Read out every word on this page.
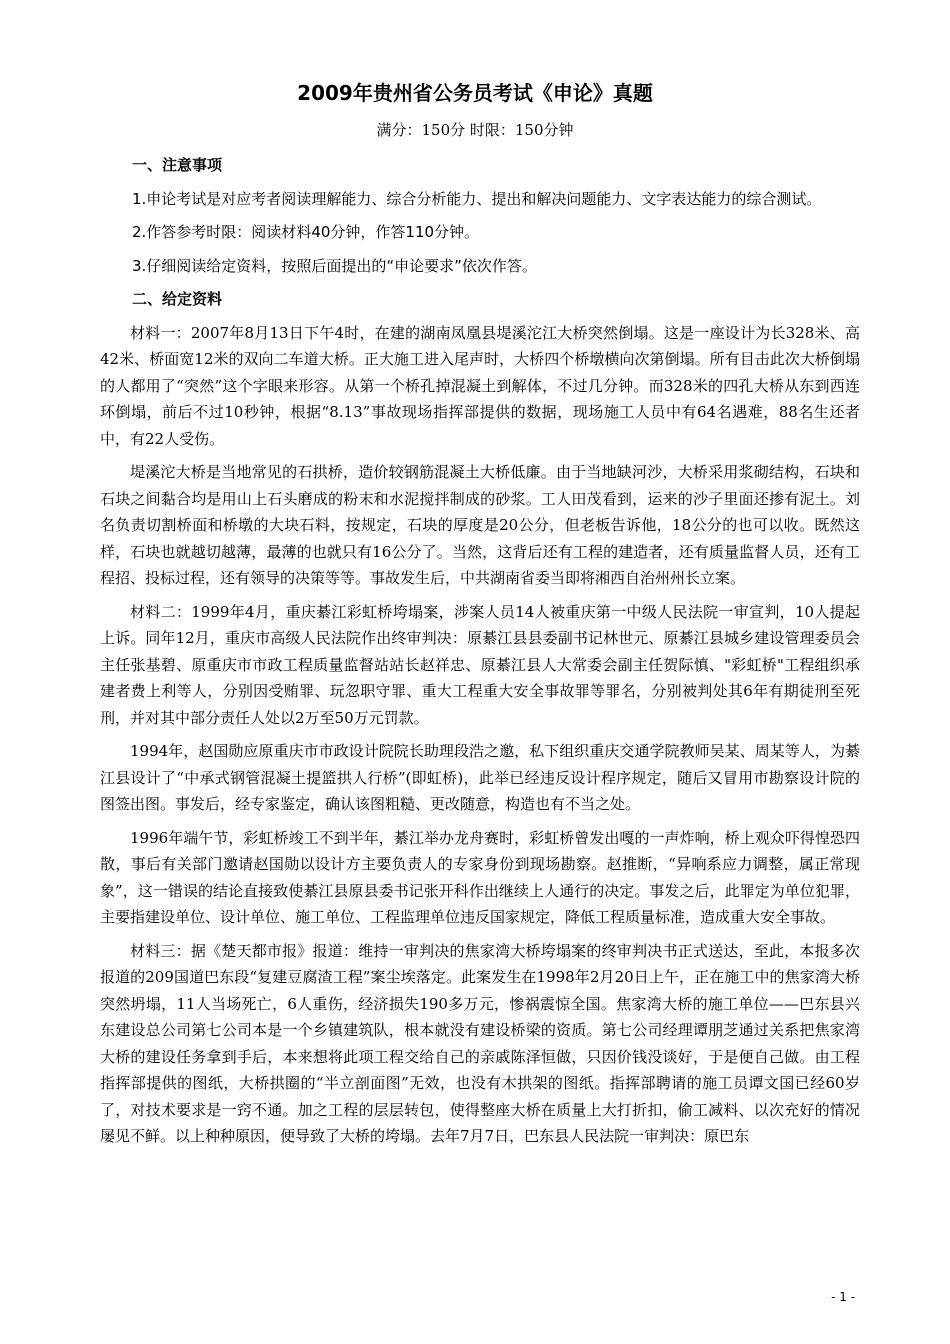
2009年贵州省公务员考试《申论》真题
满分：150分 时限：150分钟
一、注意事项
1.申论考试是对应考者阅读理解能力、综合分析能力、提出和解决问题能力、文字表达能力的综合测试。
2.作答参考时限：阅读材料40分钟，作答110分钟。
3.仔细阅读给定资料，按照后面提出的“申论要求”依次作答。
二、给定资料
材料一：2007年8月13日下午4时，在建的湖南凤凰县堤溪沱江大桥突然倒塌。这是一座设计为长328米、高42米、桥面宽12米的双向二车道大桥。正大施工进入尾声时，大桥四个桥墩横向次第倒塌。所有目击此次大桥倒塌的人都用了“突然”这个字眼来形容。从第一个桥孔掉混凝土到解体，不过几分钟。而328米的四孔大桥从东到西连环倒塌，前后不过10秒钟，根据“8.13”事故现场指挥部提供的数据，现场施工人员中有64名遇难，88名生还者中，有22人受伤。
堤溪沱大桥是当地常见的石拱桥，造价较钢筋混凝土大桥低廉。由于当地缺河沙，大桥采用浆砌结构，石块和石块之间黏合均是用山上石头磨成的粉末和水泥搅拌制成的砂浆。工人田茂看到，运来的沙子里面还掺有泥土。刘名负责切割桥面和桥墩的大块石料，按规定，石块的厚度是20公分，但老板告诉他，18公分的也可以收。既然这样，石块也就越切越薄，最薄的也就只有16公分了。当然，这背后还有工程的建造者，还有质量监督人员，还有工程招、投标过程，还有领导的决策等等。事故发生后，中共湖南省委当即将湘西自治州州长立案。
材料二：1999年4月，重庆綦江彩虹桥垮塌案，涉案人员14人被重庆第一中级人民法院一审宣判，10人提起上诉。同年12月，重庆市高级人民法院作出终审判决：原綦江县县委副书记林世元、原綦江县城乡建设管理委员会主任张基碧、原重庆市市政工程质量监督站站长赵祥忠、原綦江县人大常委会副主任贺际慎、"彩虹桥"工程组织承建者费上利等人，分别因受贿罪、玩忽职守罪、重大工程重大安全事故罪等罪名，分别被判处其6年有期徒刑至死刑，并对其中部分责任人处以2万至50万元罚款。
1994年，赵国勋应原重庆市市政设计院院长助理段浩之邀，私下组织重庆交通学院教师吴某、周某等人，为綦江县设计了“中承式钢管混凝土提篮拱人行桥”(即虹桥)，此举已经违反设计程序规定，随后又冒用市勘察设计院的图签出图。事发后，经专家鉴定，确认该图粗糙、更改随意，构造也有不当之处。
1996年端午节，彩虹桥竣工不到半年，綦江举办龙舟赛时，彩虹桥曾发出嘎的一声炸响，桥上观众吓得惶恐四散，事后有关部门邀请赵国勋以设计方主要负责人的专家身份到现场勘察。赵推断，“异响系应力调整，属正常现象”，这一错误的结论直接致使綦江县原县委书记张开科作出继续上人通行的决定。事发之后，此罪定为单位犯罪，主要指建设单位、设计单位、施工单位、工程监理单位违反国家规定，降低工程质量标准，造成重大安全事故。
材料三：据《楚天都市报》报道：维持一审判决的焦家湾大桥垮塌案的终审判决书正式送达，至此，本报多次报道的209国道巴东段“复建豆腐渣工程”案尘埃落定。此案发生在1998年2月20日上午，正在施工中的焦家湾大桥突然坍塌，11人当场死亡，6人重伤，经济损失190多万元，惨祸震惊全国。焦家湾大桥的施工单位——巴东县兴东建设总公司第七公司本是一个乡镇建筑队，根本就没有建设桥梁的资质。第七公司经理谭朋芝通过关系把焦家湾大桥的建设任务拿到手后，本来想将此项工程交给自己的亲戚陈泽恒做，只因价钱没谈好，于是便自己做。由工程指挥部提供的图纸，大桥拱圈的“半立剖面图”无效，也没有木拱架的图纸。指挥部聘请的施工员谭文国已经60岁了，对技术要求是一窍不通。加之工程的层层转包，使得整座大桥在质量上大打折扣，偷工减料、以次充好的情况屡见不鲜。以上种种原因，便导致了大桥的垮塌。去年7月7日，巴东县人民法院一审判决：原巴东
- 1 -
